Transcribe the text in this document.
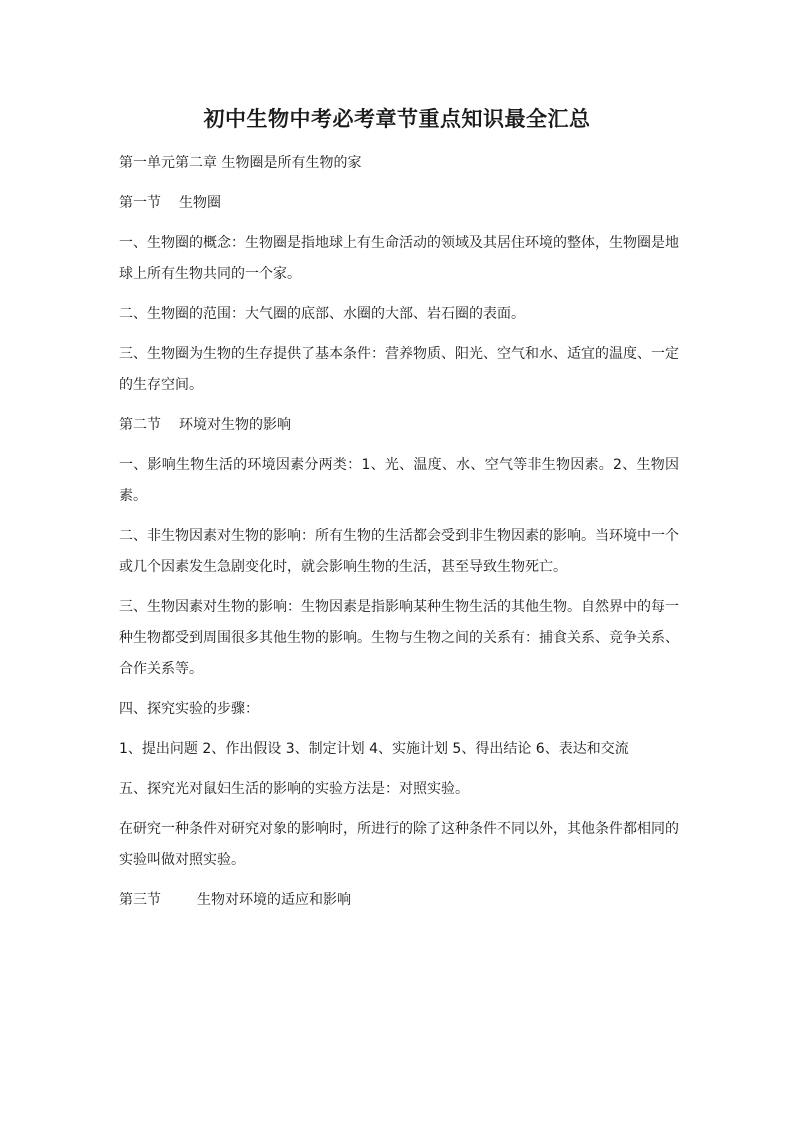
初中生物中考必考章节重点知识最全汇总

第一单元第二章 生物圈是所有生物的家

第一节 生物圈

一、生物圈的概念：生物圈是指地球上有生命活动的领域及其居住环境的整体，生物圈是地球上所有生物共同的一个家。

二、生物圈的范围：大气圈的底部、水圈的大部、岩石圈的表面。

三、生物圈为生物的生存提供了基本条件：营养物质、阳光、空气和水、适宜的温度、一定的生存空间。

第二节 环境对生物的影响

一、影响生物生活的环境因素分两类：1、光、温度、水、空气等非生物因素。2、生物因素。

二、非生物因素对生物的影响：所有生物的生活都会受到非生物因素的影响。当环境中一个或几个因素发生急剧变化时，就会影响生物的生活，甚至导致生物死亡。

三、生物因素对生物的影响：生物因素是指影响某种生物生活的其他生物。自然界中的每一种生物都受到周围很多其他生物的影响。生物与生物之间的关系有：捕食关系、竞争关系、合作关系等。

四、探究实验的步骤：

1、提出问题 2、作出假设 3、制定计划 4、实施计划 5、得出结论 6、表达和交流

五、探究光对鼠妇生活的影响的实验方法是：对照实验。

在研究一种条件对研究对象的影响时，所进行的除了这种条件不同以外，其他条件都相同的实验叫做对照实验。

第三节	生物对环境的适应和影响
